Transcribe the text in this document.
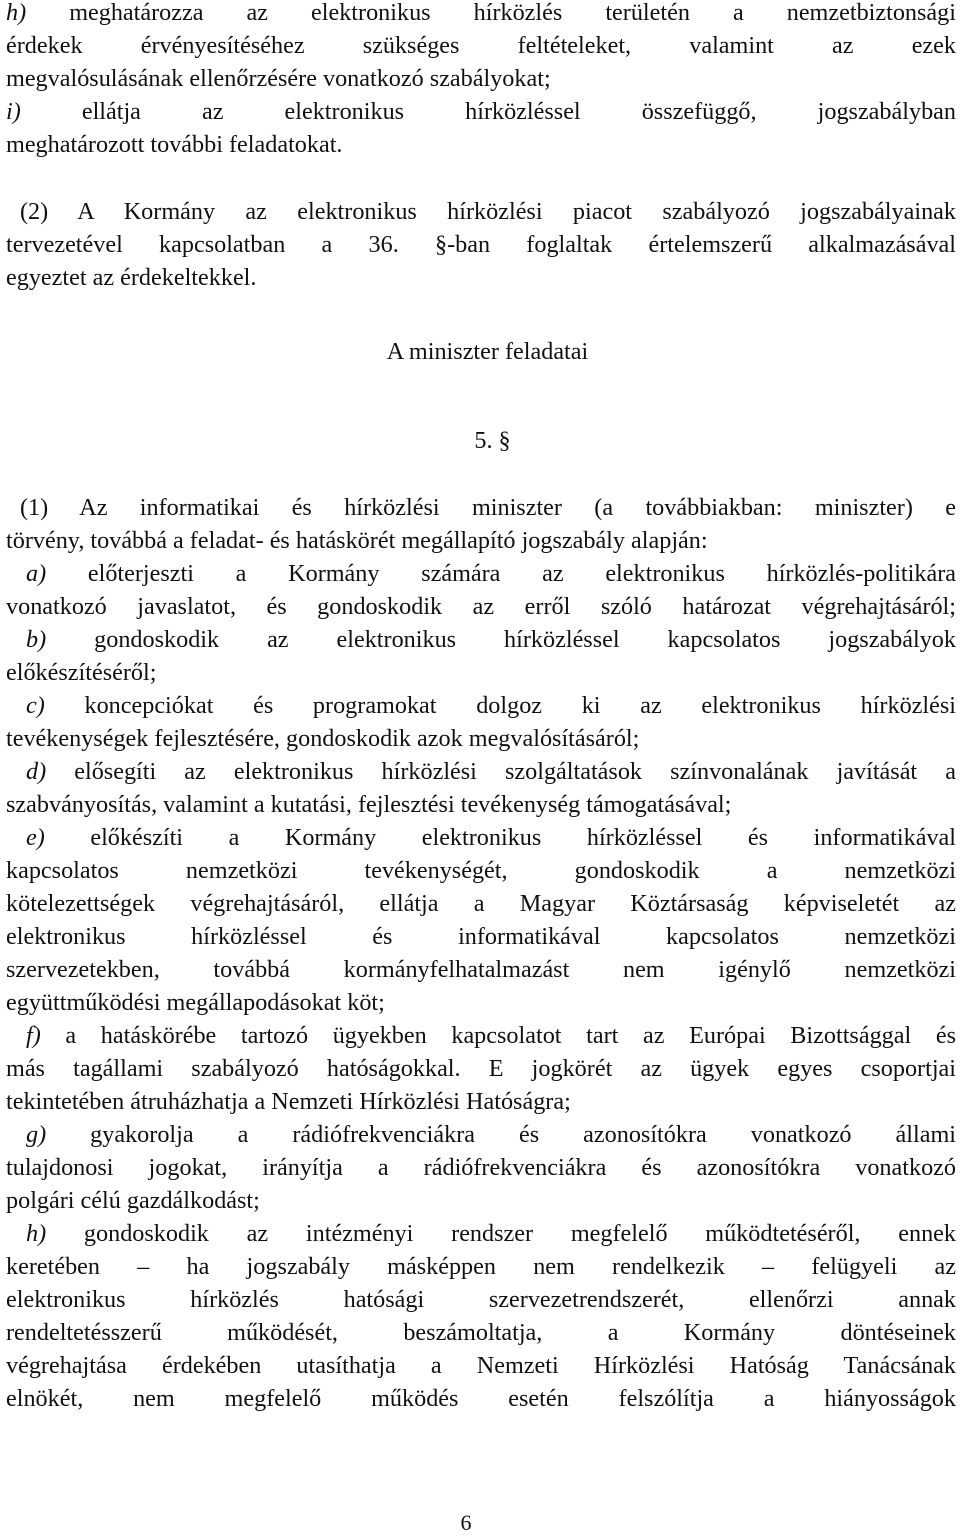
h) meghatározza az elektronikus hírközlés területén a nemzetbiztonsági
érdekek érvényesítéséhez szükséges feltételeket, valamint az ezek
megvalósulásának ellenőrzésére vonatkozó szabályokat;
i) ellátja az elektronikus hírközléssel összefüggő, jogszabályban
meghatározott további feladatokat.
(2) A Kormány az elektronikus hírközlési piacot szabályozó jogszabályainak
tervezetével kapcsolatban a 36. §-ban foglaltak értelemszerű alkalmazásával
egyeztet az érdekeltekkel.
A miniszter feladatai
5. §
(1) Az informatikai és hírközlési miniszter (a továbbiakban: miniszter) e
törvény, továbbá a feladat- és hatáskörét megállapító jogszabály alapján:
a) előterjeszti a Kormány számára az elektronikus hírközlés-politikára
vonatkozó javaslatot, és gondoskodik az erről szóló határozat végrehajtásáról;
b) gondoskodik az elektronikus hírközléssel kapcsolatos jogszabályok
előkészítéséről;
c) koncepciókat és programokat dolgoz ki az elektronikus hírközlési
tevékenységek fejlesztésére, gondoskodik azok megvalósításáról;
d) elősegíti az elektronikus hírközlési szolgáltatások színvonalának javítását a
szabványosítás, valamint a kutatási, fejlesztési tevékenység támogatásával;
e) előkészíti a Kormány elektronikus hírközléssel és informatikával
kapcsolatos nemzetközi tevékenységét, gondoskodik a nemzetközi
kötelezettségek végrehajtásáról, ellátja a Magyar Köztársaság képviseletét az
elektronikus hírközléssel és informatikával kapcsolatos nemzetközi
szervezetekben, továbbá kormányfelhatalmazást nem igénylő nemzetközi
együttműködési megállapodásokat köt;
f) a hatáskörébe tartozó ügyekben kapcsolatot tart az Európai Bizottsággal és
más tagállami szabályozó hatóságokkal. E jogkörét az ügyek egyes csoportjai
tekintetében átruházhatja a Nemzeti Hírközlési Hatóságra;
g) gyakorolja a rádiófrekvenciákra és azonosítókra vonatkozó állami
tulajdonosi jogokat, irányítja a rádiófrekvenciákra és azonosítókra vonatkozó
polgári célú gazdálkodást;
h) gondoskodik az intézményi rendszer megfelelő működtetéséről, ennek
keretében – ha jogszabály másképpen nem rendelkezik – felügyeli az
elektronikus hírközlés hatósági szervezetrendszerét, ellenőrzi annak
rendeltetésszerű működését, beszámoltatja, a Kormány döntéseinek
végrehajtása érdekében utasíthatja a Nemzeti Hírközlési Hatóság Tanácsának
elnökét, nem megfelelő működés esetén felszólítja a hiányosságok
6
